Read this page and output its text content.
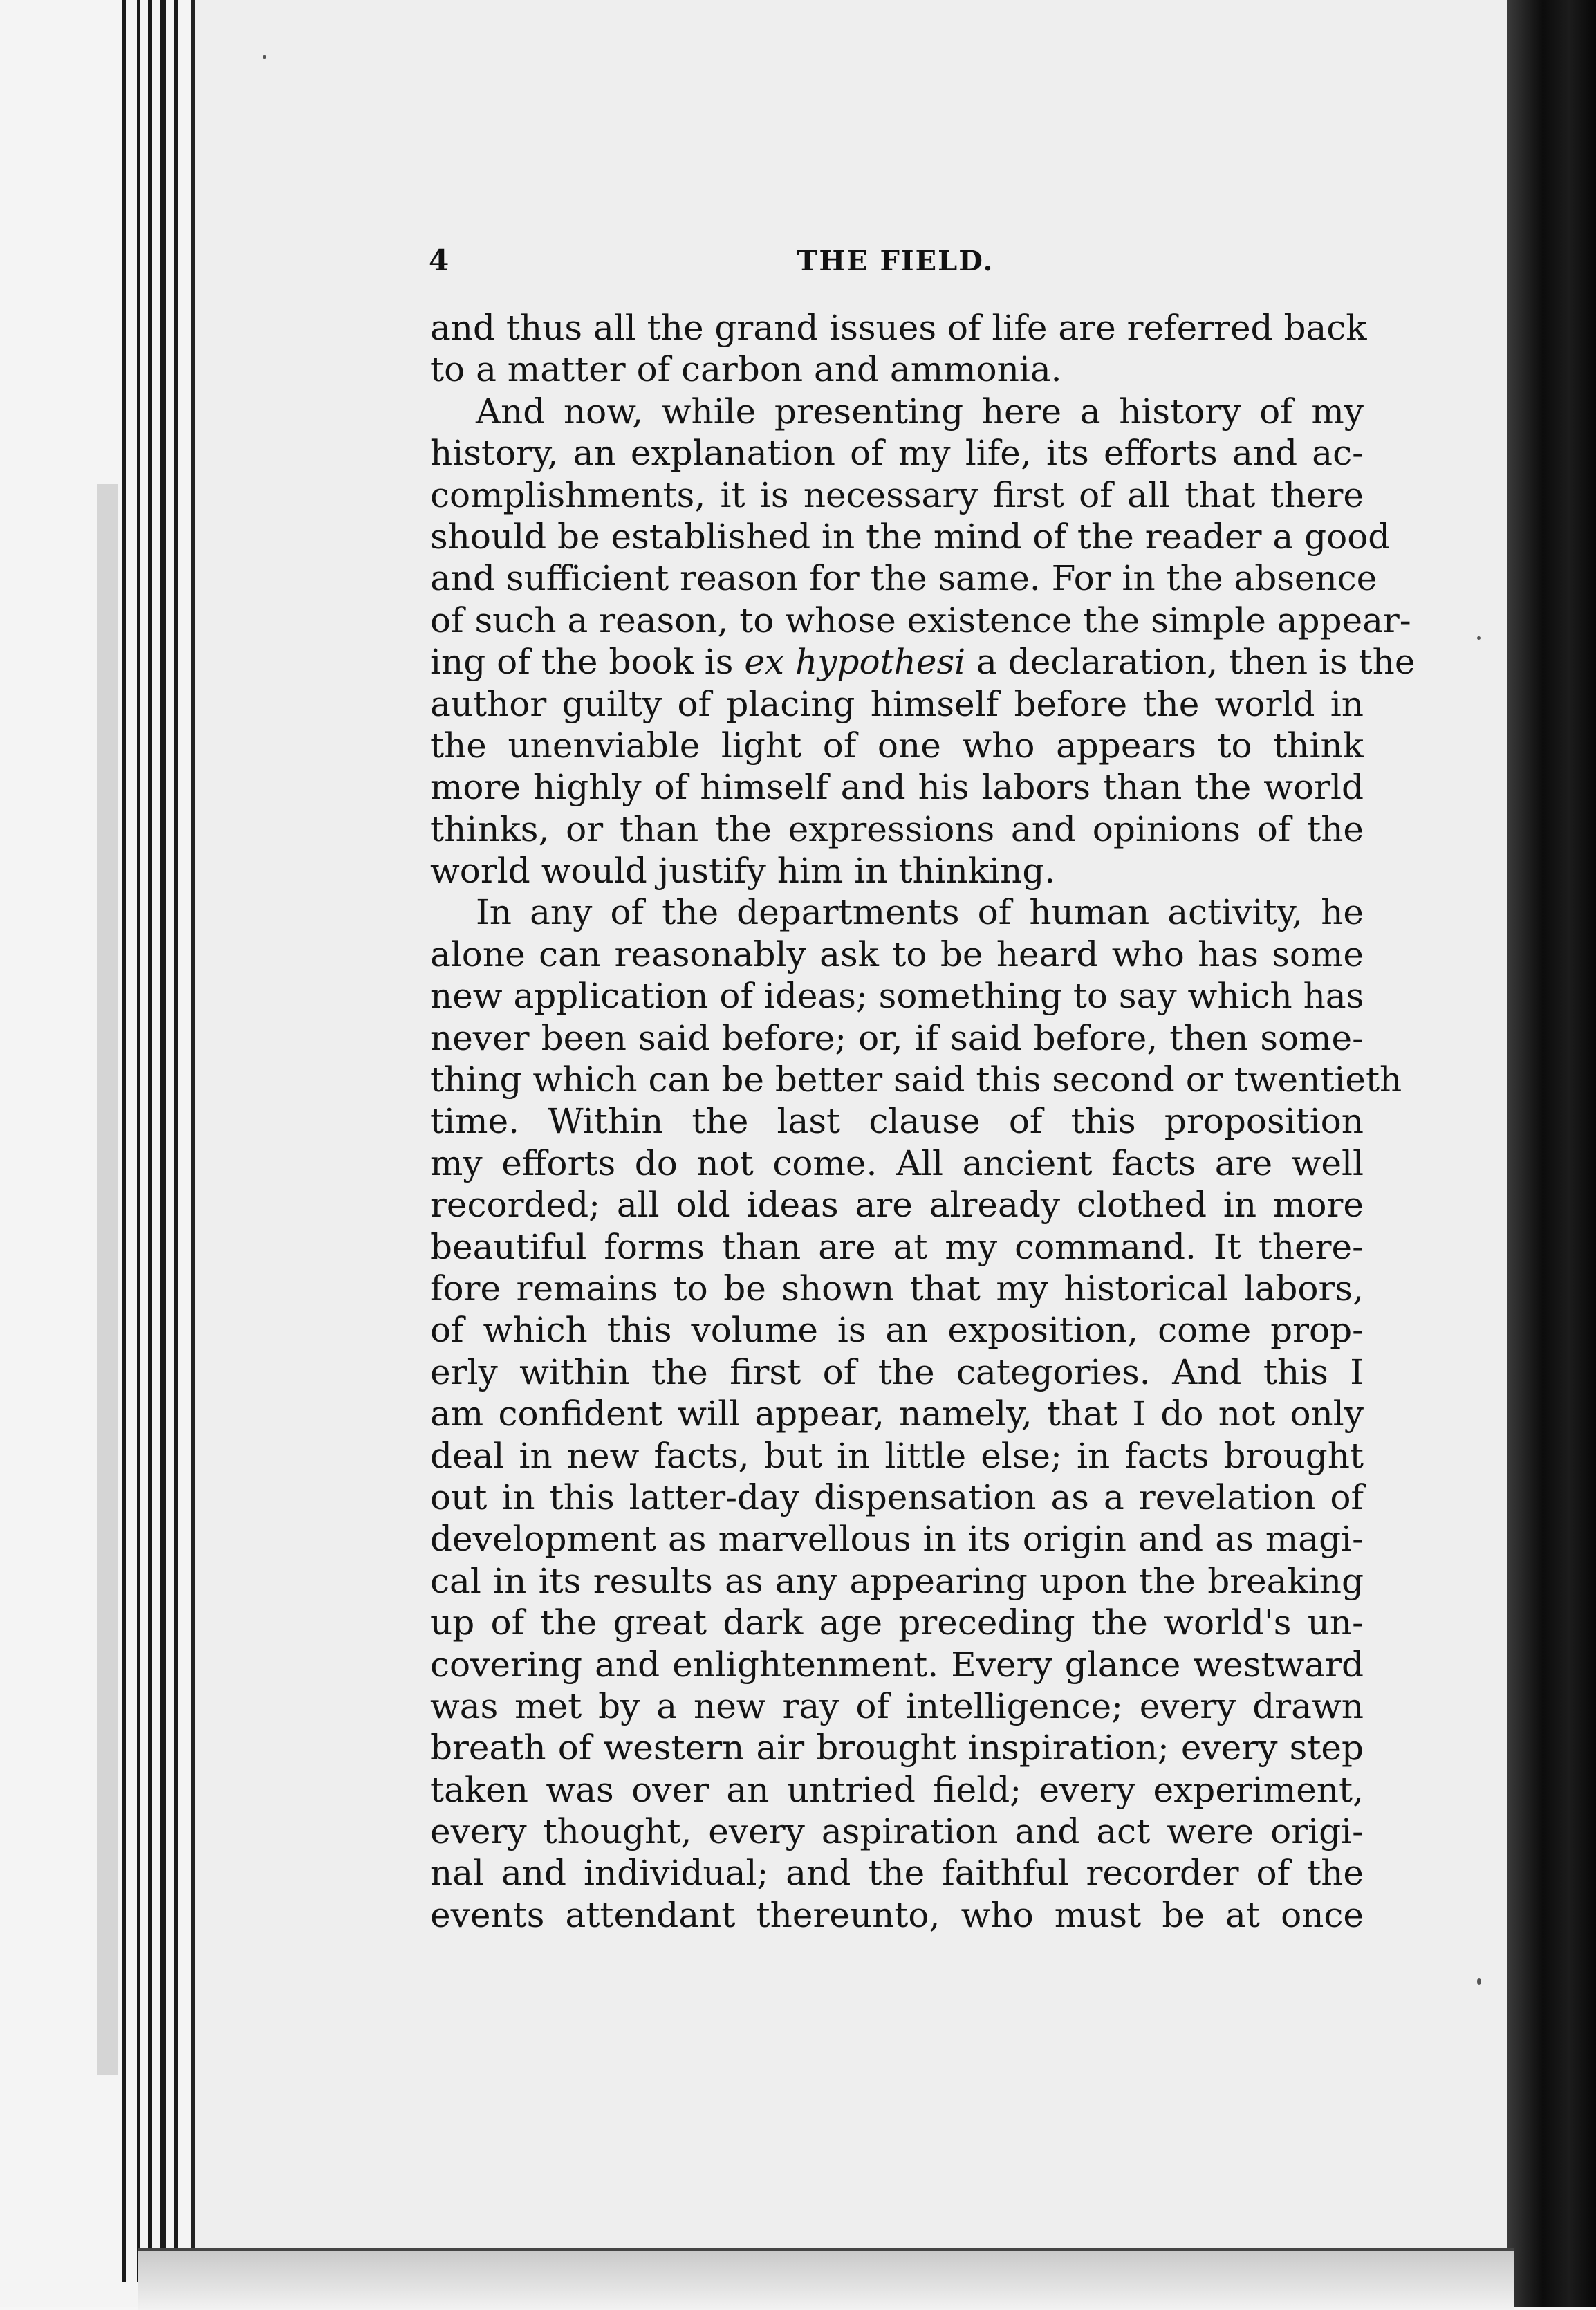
4	THE FIELD.
and thus all the grand issues of life are referred back
to a matter of carbon and ammonia.
And now, while presenting here a history of my
history, an explanation of my life, its efforts and ac-
complishments, it is necessary first of all that there
should be established in the mind of the reader a good
and sufficient reason for the same. For in the absence
of such a reason, to whose existence the simple appear-
ing of the book is ex hypothesi a declaration, then is the
author guilty of placing himself before the world in
the unenviable light of one who appears to think
more highly of himself and his labors than the world
thinks, or than the expressions and opinions of the
world would justify him in thinking.
In any of the departments of human activity, he
alone can reasonably ask to be heard who has some
new application of ideas; something to say which has
never been said before; or, if said before, then some-
thing which can be better said this second or twentieth
time. Within the last clause of this proposition
my efforts do not come. All ancient facts are well
recorded; all old ideas are already clothed in more
beautiful forms than are at my command. It there-
fore remains to be shown that my historical labors,
of which this volume is an exposition, come prop-
erly within the first of the categories. And this I
am confident will appear, namely, that I do not only
deal in new facts, but in little else; in facts brought
out in this latter-day dispensation as a revelation of
development as marvellous in its origin and as magi-
cal in its results as any appearing upon the breaking
up of the great dark age preceding the world's un-
covering and enlightenment. Every glance westward
was met by a new ray of intelligence; every drawn
breath of western air brought inspiration; every step
taken was over an untried field; every experiment,
every thought, every aspiration and act were origi-
nal and individual; and the faithful recorder of the
events attendant thereunto, who must be at once
